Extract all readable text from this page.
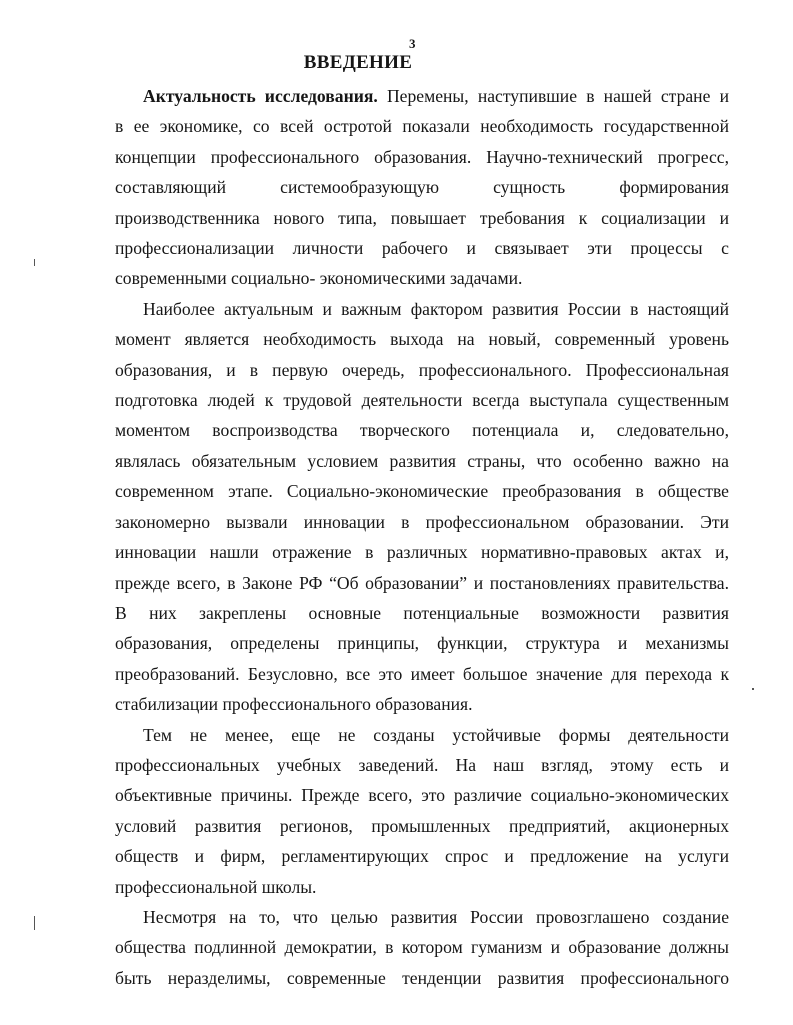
3
ВВЕДЕНИЕ
Актуальность исследования. Перемены, наступившие в нашей стране и
в ее экономике, со всей остротой показали необходимость государственной
концепции профессионального образования. Научно-технический прогресс,
составляющий системообразующую сущность формирования
производственника нового типа, повышает требования к социализации и
профессионализации личности рабочего и связывает эти процессы с
современными социально- экономическими задачами.
Наиболее актуальным и важным фактором развития России в настоящий
момент является необходимость выхода на новый, современный уровень
образования, и в первую очередь, профессионального. Профессиональная
подготовка людей к трудовой деятельности всегда выступала существенным
моментом воспроизводства творческого потенциала и, следовательно,
являлась обязательным условием развития страны, что особенно важно на
современном этапе. Социально-экономические преобразования в обществе
закономерно вызвали инновации в профессиональном образовании. Эти
инновации нашли отражение в различных нормативно-правовых актах и,
прежде всего, в Законе РФ “Об образовании” и постановлениях правительства.
В них закреплены основные потенциальные возможности развития
образования, определены принципы, функции, структура и механизмы
преобразований. Безусловно, все это имеет большое значение для перехода к
стабилизации профессионального образования.
Тем не менее, еще не созданы устойчивые формы деятельности
профессиональных учебных заведений. На наш взгляд, этому есть и
объективные причины. Прежде всего, это различие социально-экономических
условий развития регионов, промышленных предприятий, акционерных
обществ и фирм, регламентирующих спрос и предложение на услуги
профессиональной школы.
Несмотря на то, что целью развития России провозглашено создание
общества подлинной демократии, в котором гуманизм и образование должны
быть неразделимы, современные тенденции развития профессионального
